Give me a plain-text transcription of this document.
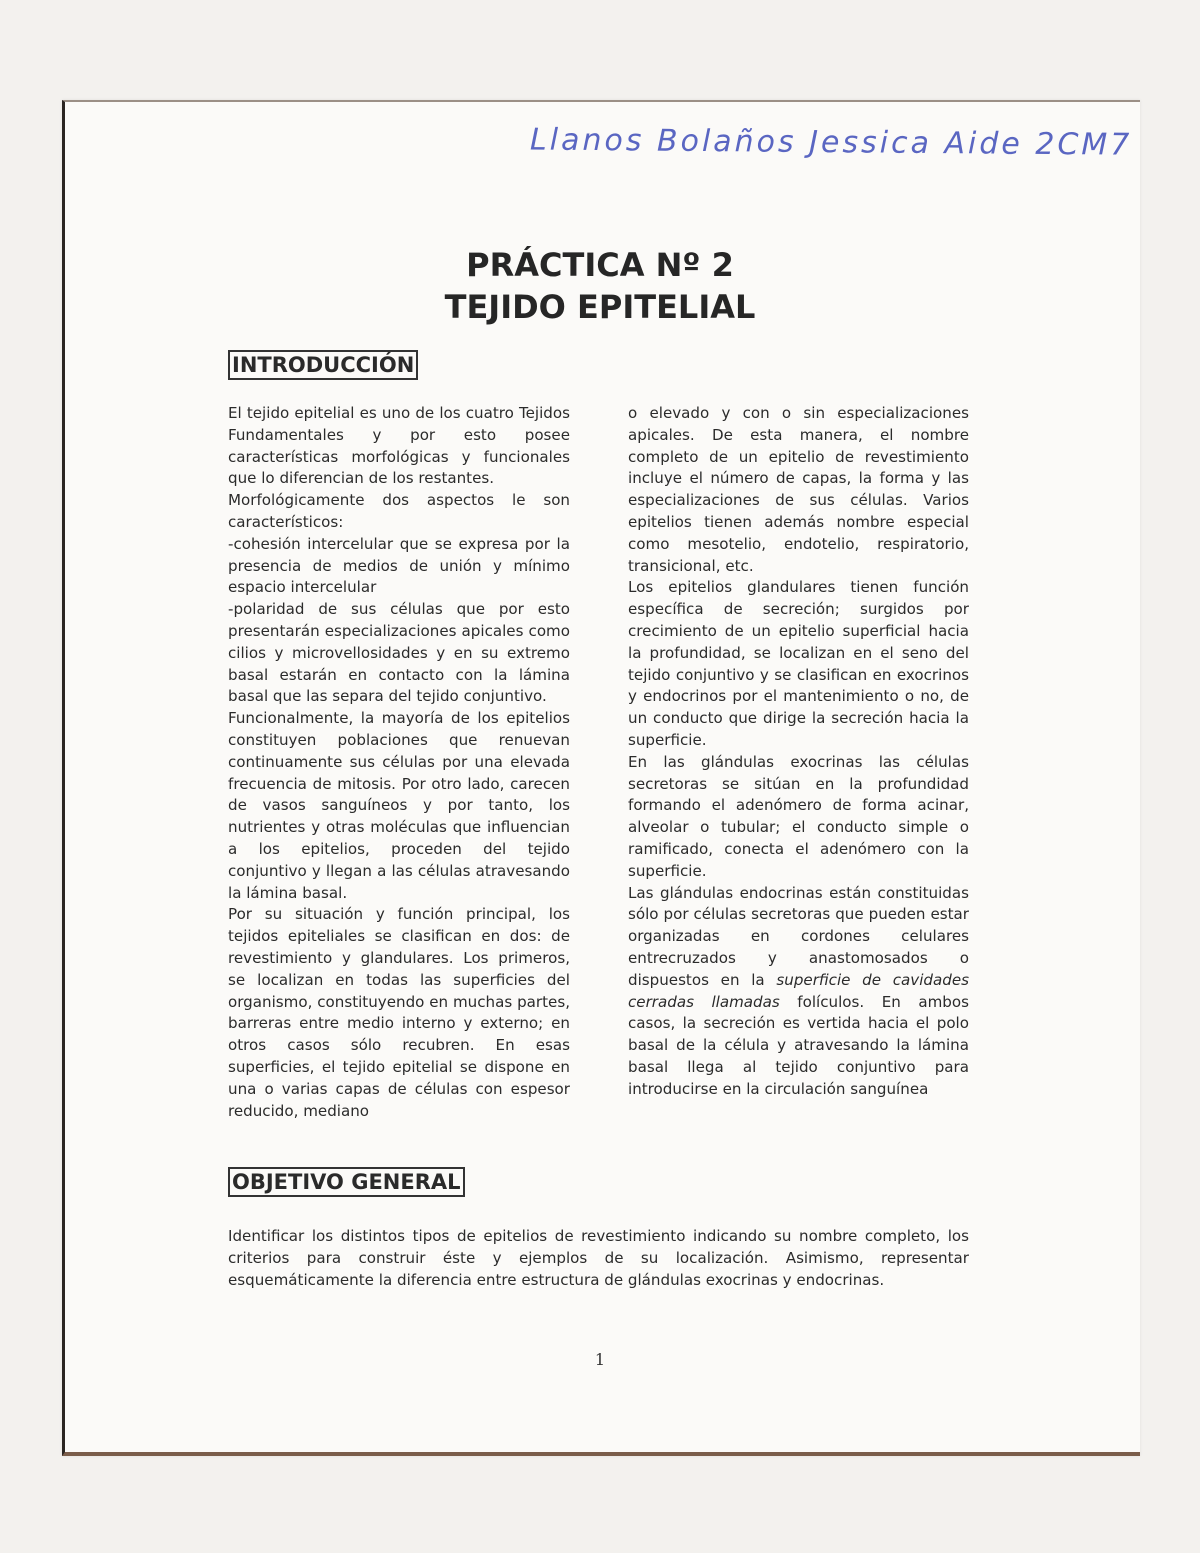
Llanos Bolaños Jessica Aide 2CM7
PRÁCTICA Nº 2
TEJIDO EPITELIAL
INTRODUCCIÓN

El tejido epitelial es uno de los cuatro Tejidos Fundamentales y por esto posee características morfológicas y funcionales que lo diferencian de los restantes.

Morfológicamente dos aspectos le son característicos:

-cohesión intercelular que se expresa por la presencia de medios de unión y mínimo espacio intercelular

-polaridad de sus células que por esto presentarán especializaciones apicales como cilios y microvellosidades y en su extremo basal estarán en contacto con la lámina basal que las separa del tejido conjuntivo.

Funcionalmente, la mayoría de los epitelios constituyen poblaciones que renuevan continuamente sus células por una elevada frecuencia de mitosis. Por otro lado, carecen de vasos sanguíneos y por tanto, los nutrientes y otras moléculas que influencian a los epitelios, proceden del tejido conjuntivo y llegan a las células atravesando la lámina basal.

Por su situación y función principal, los tejidos epiteliales se clasifican en dos: de revestimiento y glandulares. Los primeros, se localizan en todas las superficies del organismo, constituyendo en muchas partes, barreras entre medio interno y externo; en otros casos sólo recubren. En esas superficies, el tejido epitelial se dispone en una o varias capas de células con espesor reducido, mediano

o elevado y con o sin especializaciones apicales. De esta manera, el nombre completo de un epitelio de revestimiento incluye el número de capas, la forma y las especializaciones de sus células. Varios epitelios tienen además nombre especial como mesotelio, endotelio, respiratorio, transicional, etc.

Los epitelios glandulares tienen función específica de secreción; surgidos por crecimiento de un epitelio superficial hacia la profundidad, se localizan en el seno del tejido conjuntivo y se clasifican en exocrinos y endocrinos por el mantenimiento o no, de un conducto que dirige la secreción hacia la superficie.

En las glándulas exocrinas las células secretoras se sitúan en la profundidad formando el adenómero de forma acinar, alveolar o tubular; el conducto simple o ramificado, conecta el adenómero con la superficie.

Las glándulas endocrinas están constituidas sólo por células secretoras que pueden estar organizadas en cordones celulares entrecruzados y anastomosados o dispuestos en la superficie de cavidades cerradas llamadas folículos. En ambos casos, la secreción es vertida hacia el polo basal de la célula y atravesando la lámina basal llega al tejido conjuntivo para introducirse en la circulación sanguínea

OBJETIVO GENERAL

Identificar los distintos tipos de epitelios de revestimiento indicando su nombre completo, los criterios para construir éste y ejemplos de su localización. Asimismo, representar esquemáticamente la diferencia entre estructura de glándulas exocrinas y endocrinas.

1
